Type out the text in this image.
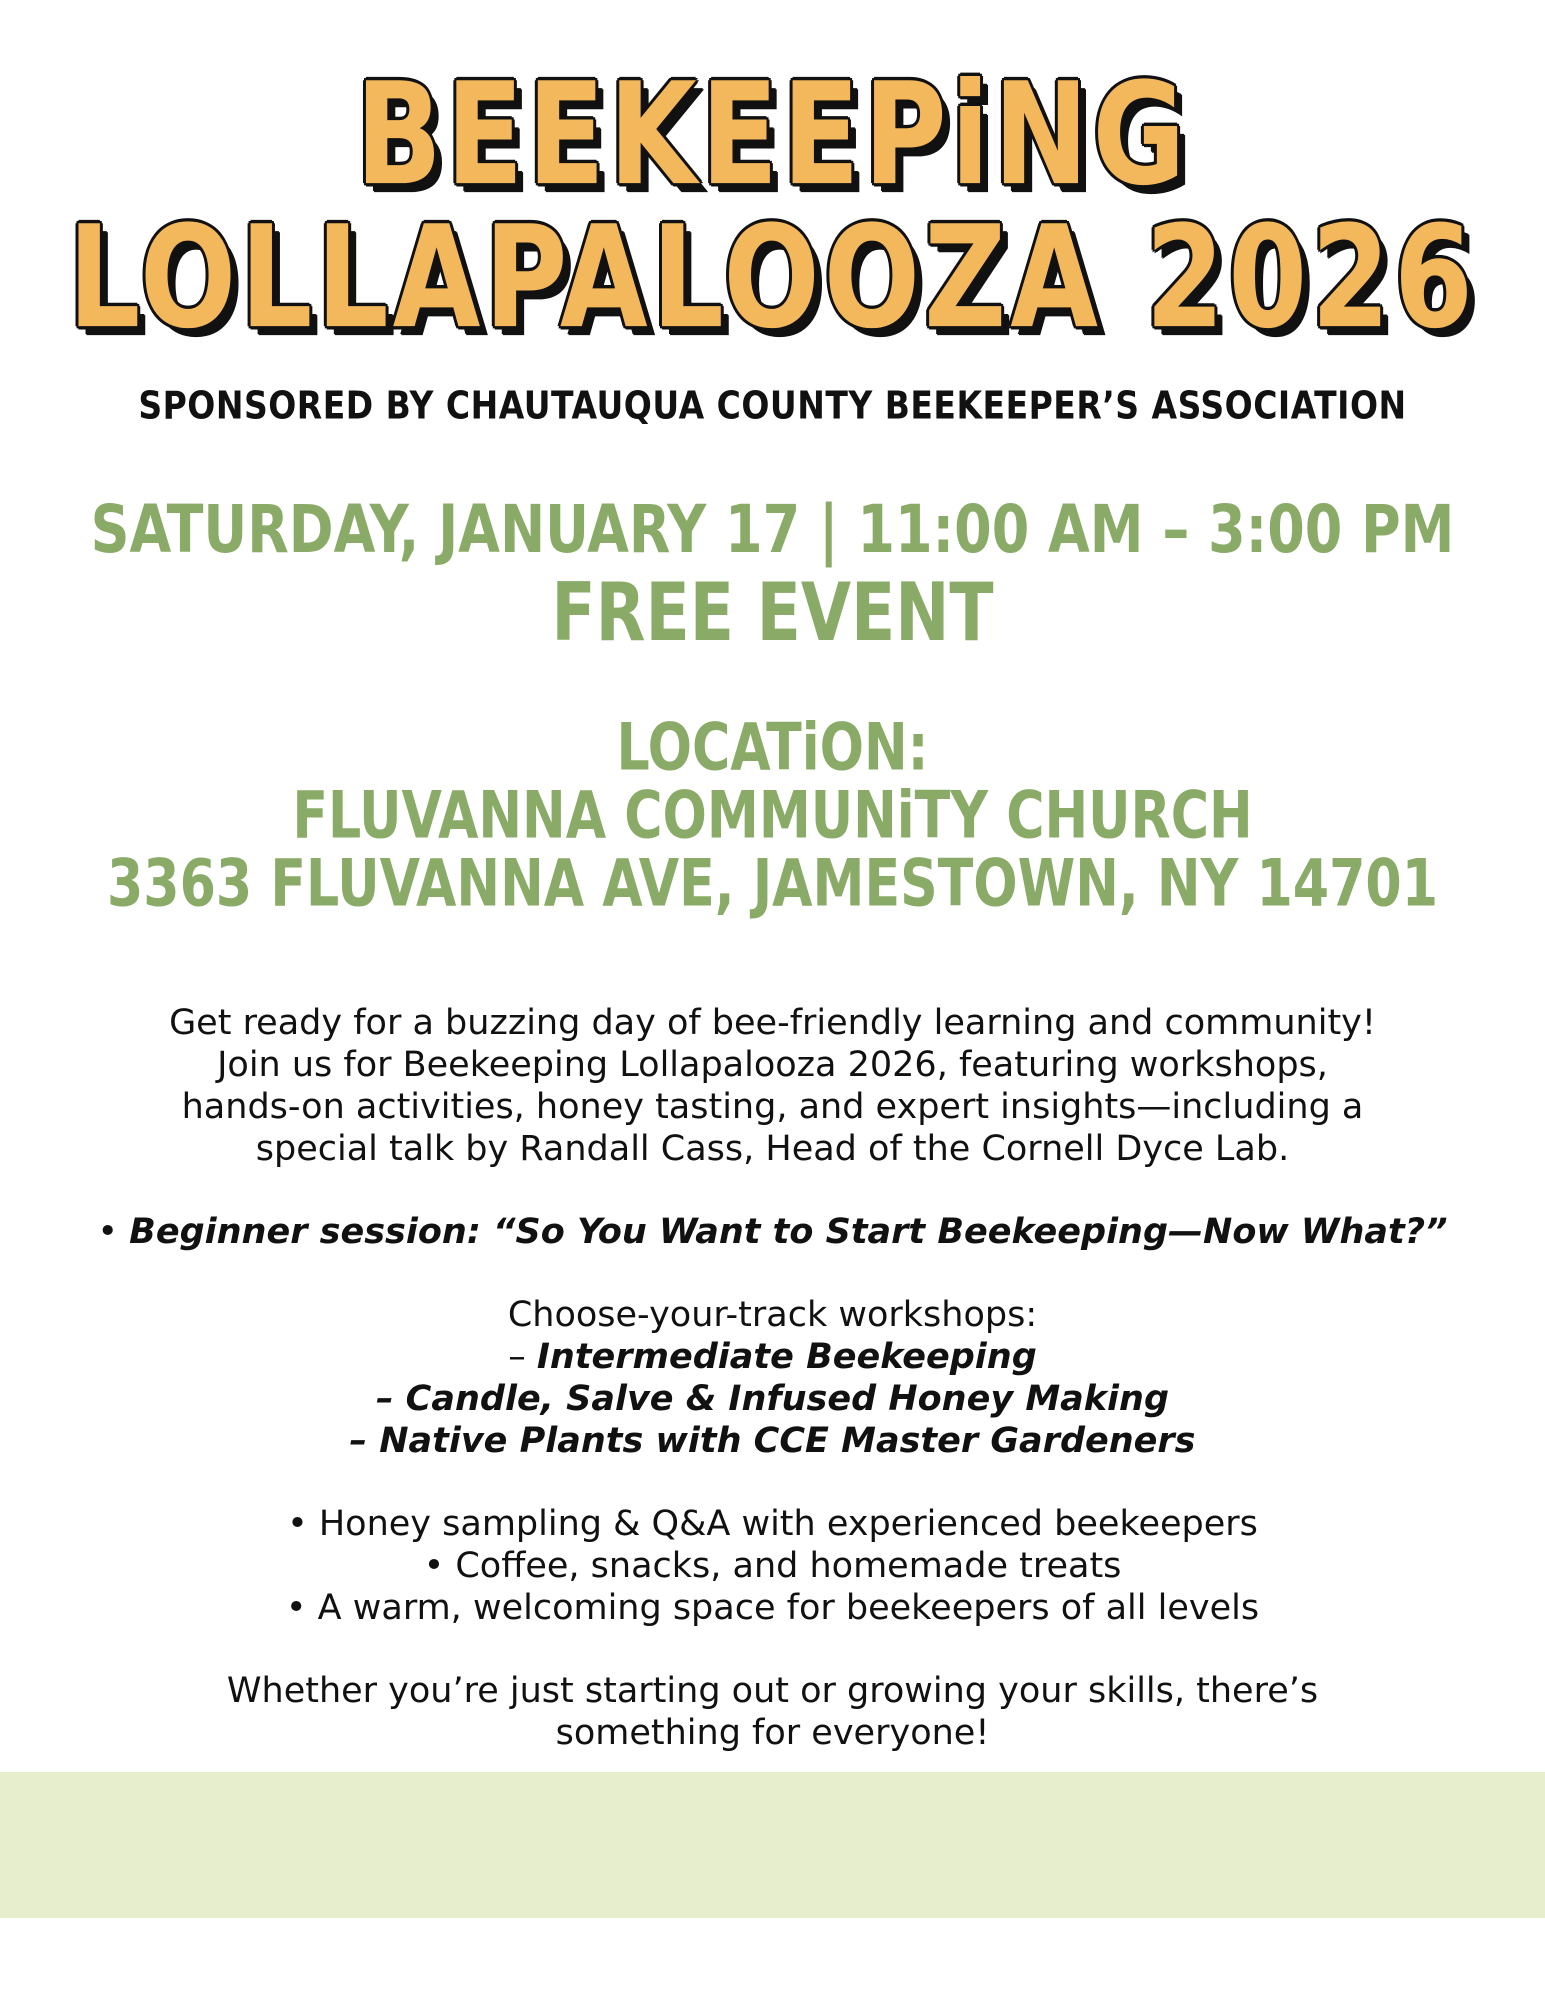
BEEKEEPiNG
LOLLAPALOOZA 2026
SPONSORED BY CHAUTAUQUA COUNTY BEEKEEPER’S ASSOCIATION
SATURDAY, JANUARY 17 | 11:00 AM – 3:00 PM
FREE EVENT
LOCATiON:
FLUVANNA COMMUNiTY CHURCH
3363 FLUVANNA AVE, JAMESTOWN, NY 14701
Get ready for a buzzing day of bee-friendly learning and community!
Join us for Beekeeping Lollapalooza 2026, featuring workshops,
hands-on activities, honey tasting, and expert insights—including a
special talk by Randall Cass, Head of the Cornell Dyce Lab.
• Beginner session: “So You Want to Start Beekeeping—Now What?”
Choose-your-track workshops:
– Intermediate Beekeeping
– Candle, Salve & Infused Honey Making
– Native Plants with CCE Master Gardeners
• Honey sampling & Q&A with experienced beekeepers
• Coffee, snacks, and homemade treats
• A warm, welcoming space for beekeepers of all levels
Whether you’re just starting out or growing your skills, there’s
something for everyone!
